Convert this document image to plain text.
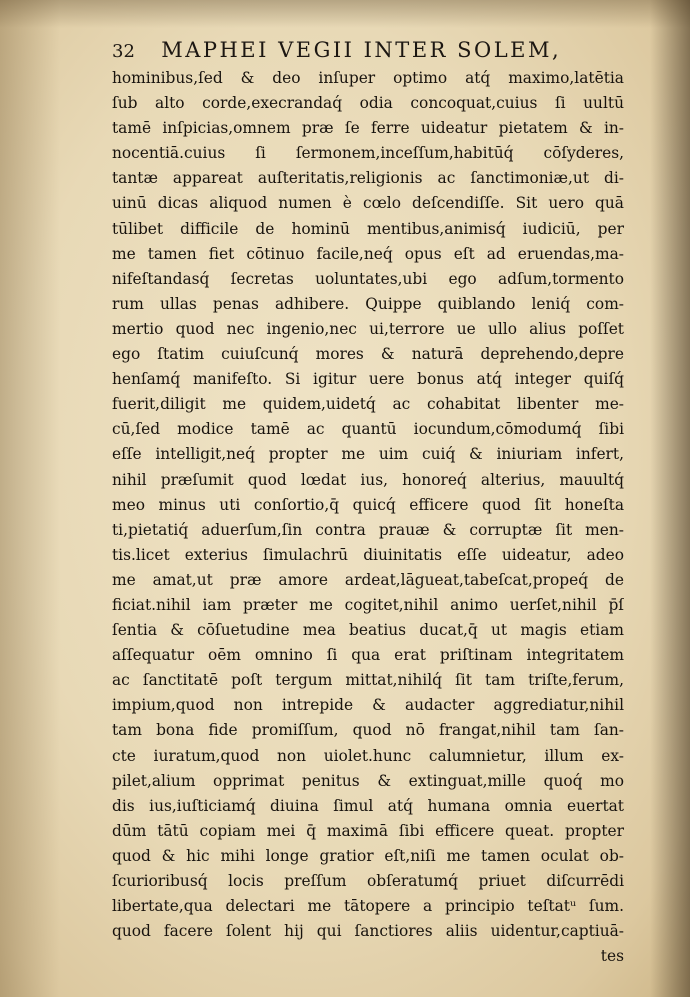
32 MAPHEI VEGII INTER SOLEM,
hominibus,ſed & deo inſuper optimo atq́ maximo,latētia
ſub alto corde,execrandaq́ odia concoquat,cuius ſi uultū
tamē inſpicias,omnem præ ſe ferre uideatur pietatem & in-
nocentiā.cuius ſi ſermonem,inceſſum,habitūq́ cōſyderes,
tantæ appareat auſteritatis,religionis ac ſanctimoniæ,ut di-
uinū dicas aliquod numen è cœlo deſcendiſſe. Sit uero quā
tūlibet difficile de hominū mentibus,animisq́ iudiciū, per
me tamen fiet cōtinuo facile,neq́ opus eſt ad eruendas,ma-
nifeſtandasq́ ſecretas uoluntates,ubi ego adſum,tormento
rum ullas penas adhibere. Quippe quiblando leniq́ com-
mertio quod nec ingenio,nec ui,terrore ue ullo alius poſſet
ego ſtatim cuiuſcunq́ mores & naturā deprehendo,depre
henſamq́ manifeſto. Si igitur uere bonus atq́ integer quiſq́
fuerit,diligit me quidem,uidetq́ ac cohabitat libenter me-
cū,ſed modice tamē ac quantū iocundum,cōmodumq́ ſibi
eſſe intelligit,neq́ propter me uim cuiq́ & iniuriam infert,
nihil præſumit quod lœdat ius, honoreq́ alterius, mauultq́
meo minus uti conſortio,q̄ quicq́ efficere quod ſit honeſta
ti,pietatiq́ aduerſum,ſin contra prauæ & corruptæ ſit men-
tis.licet exterius ſimulachrū diuinitatis eſſe uideatur, adeo
me amat,ut præ amore ardeat,lāgueat,tabeſcat,propeq́ de
ficiat.nihil iam præter me cogitet,nihil animo uerſet,nihil p̄ſ
ſentia & cōſuetudine mea beatius ducat,q̄ ut magis etiam
aſſequatur oēm omnino ſi qua erat priſtinam integritatem
ac ſanctitatē poſt tergum mittat,nihilq́ ſit tam triſte,ferum,
impium,quod non intrepide & audacter aggrediatur,nihil
tam bona fide promiſſum, quod nō frangat,nihil tam ſan-
cte iuratum,quod non uiolet.hunc calumnietur, illum ex-
pilet,alium opprimat penitus & extinguat,mille quoq́ mo
dis ius,iuſticiamq́ diuina ſimul atq́ humana omnia euertat
dūm tātū copiam mei q̄ maximā ſibi efficere queat. propter
quod & hic mihi longe gratior eſt,niſi me tamen oculat ob-
ſcurioribusq́ locis preſſum obſeratumq́ priuet diſcurrēdi
libertate,qua delectari me tātopere a principio teſtatᵘ ſum.
quod facere ſolent hij qui ſanctiores aliis uidentur,captiuā-
tes
